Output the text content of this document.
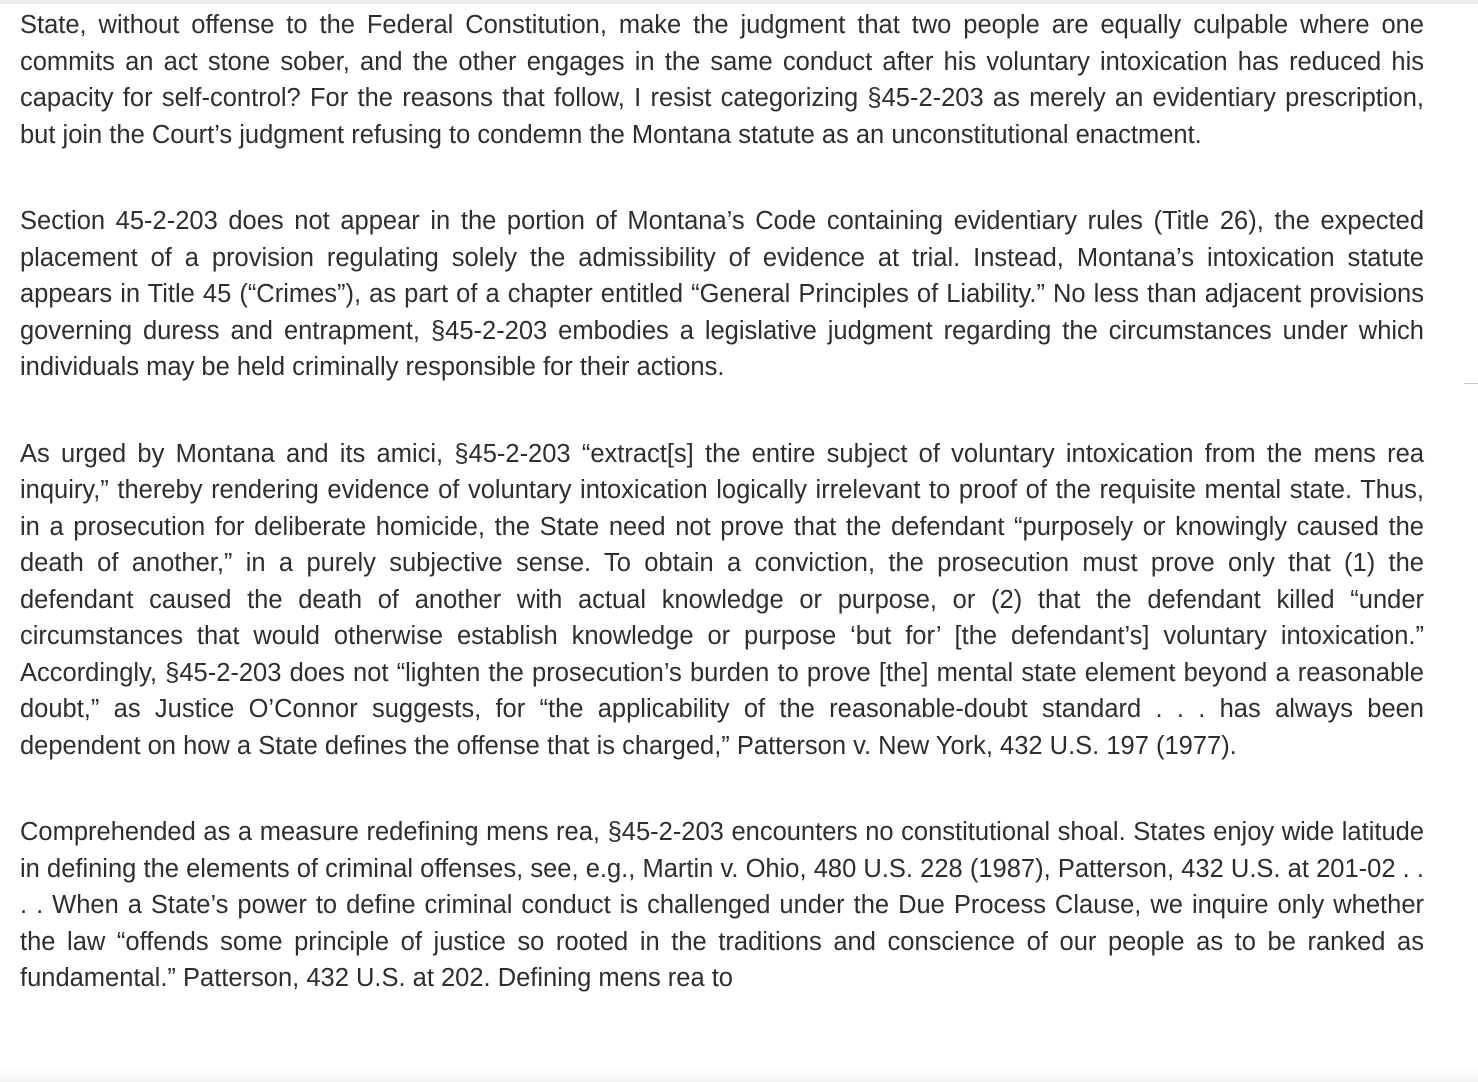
State, without offense to the Federal Constitution, make the judgment that two people are equally culpable where one commits an act stone sober, and the other engages in the same conduct after his voluntary intoxication has reduced his capacity for self-control? For the reasons that follow, I resist categorizing §45-2-203 as merely an evidentiary prescription, but join the Court’s judgment refusing to condemn the Montana statute as an unconstitutional enactment.

Section 45-2-203 does not appear in the portion of Montana’s Code containing evidentiary rules (Title 26), the expected placement of a provision regulating solely the admissibility of evidence at trial. Instead, Montana’s intoxication statute appears in Title 45 (“Crimes”), as part of a chapter entitled “General Principles of Liability.” No less than adjacent provisions governing duress and entrapment, §45-2-203 embodies a legislative judgment regarding the circumstances under which individuals may be held criminally responsible for their actions.

As urged by Montana and its amici, §45-2-203 “extract[s] the entire subject of voluntary intoxication from the mens rea inquiry,” thereby rendering evidence of voluntary intoxication logically irrelevant to proof of the requisite mental state. Thus, in a prosecution for deliberate homicide, the State need not prove that the defendant “purposely or knowingly caused the death of another,” in a purely subjective sense. To obtain a conviction, the prosecution must prove only that (1) the defendant caused the death of another with actual knowledge or purpose, or (2) that the defendant killed “under circumstances that would otherwise establish knowledge or purpose ‘but for’ [the defendant’s] voluntary intoxication.” Accordingly, §45-2-203 does not “lighten the prosecution’s burden to prove [the] mental state element beyond a reasonable doubt,” as Justice O’Connor suggests, for “the applicability of the reasonable-doubt standard . . . has always been dependent on how a State defines the offense that is charged,” Patterson v. New York, 432 U.S. 197 (1977).

Comprehended as a measure redefining mens rea, §45-2-203 encounters no constitutional shoal. States enjoy wide latitude in defining the elements of criminal offenses, see, e.g., Martin v. Ohio, 480 U.S. 228 (1987), Patterson, 432 U.S. at 201-02 . . . . When a State’s power to define criminal conduct is challenged under the Due Process Clause, we inquire only whether the law “offends some principle of justice so rooted in the traditions and conscience of our people as to be ranked as fundamental.” Patterson, 432 U.S. at 202. Defining mens rea to
